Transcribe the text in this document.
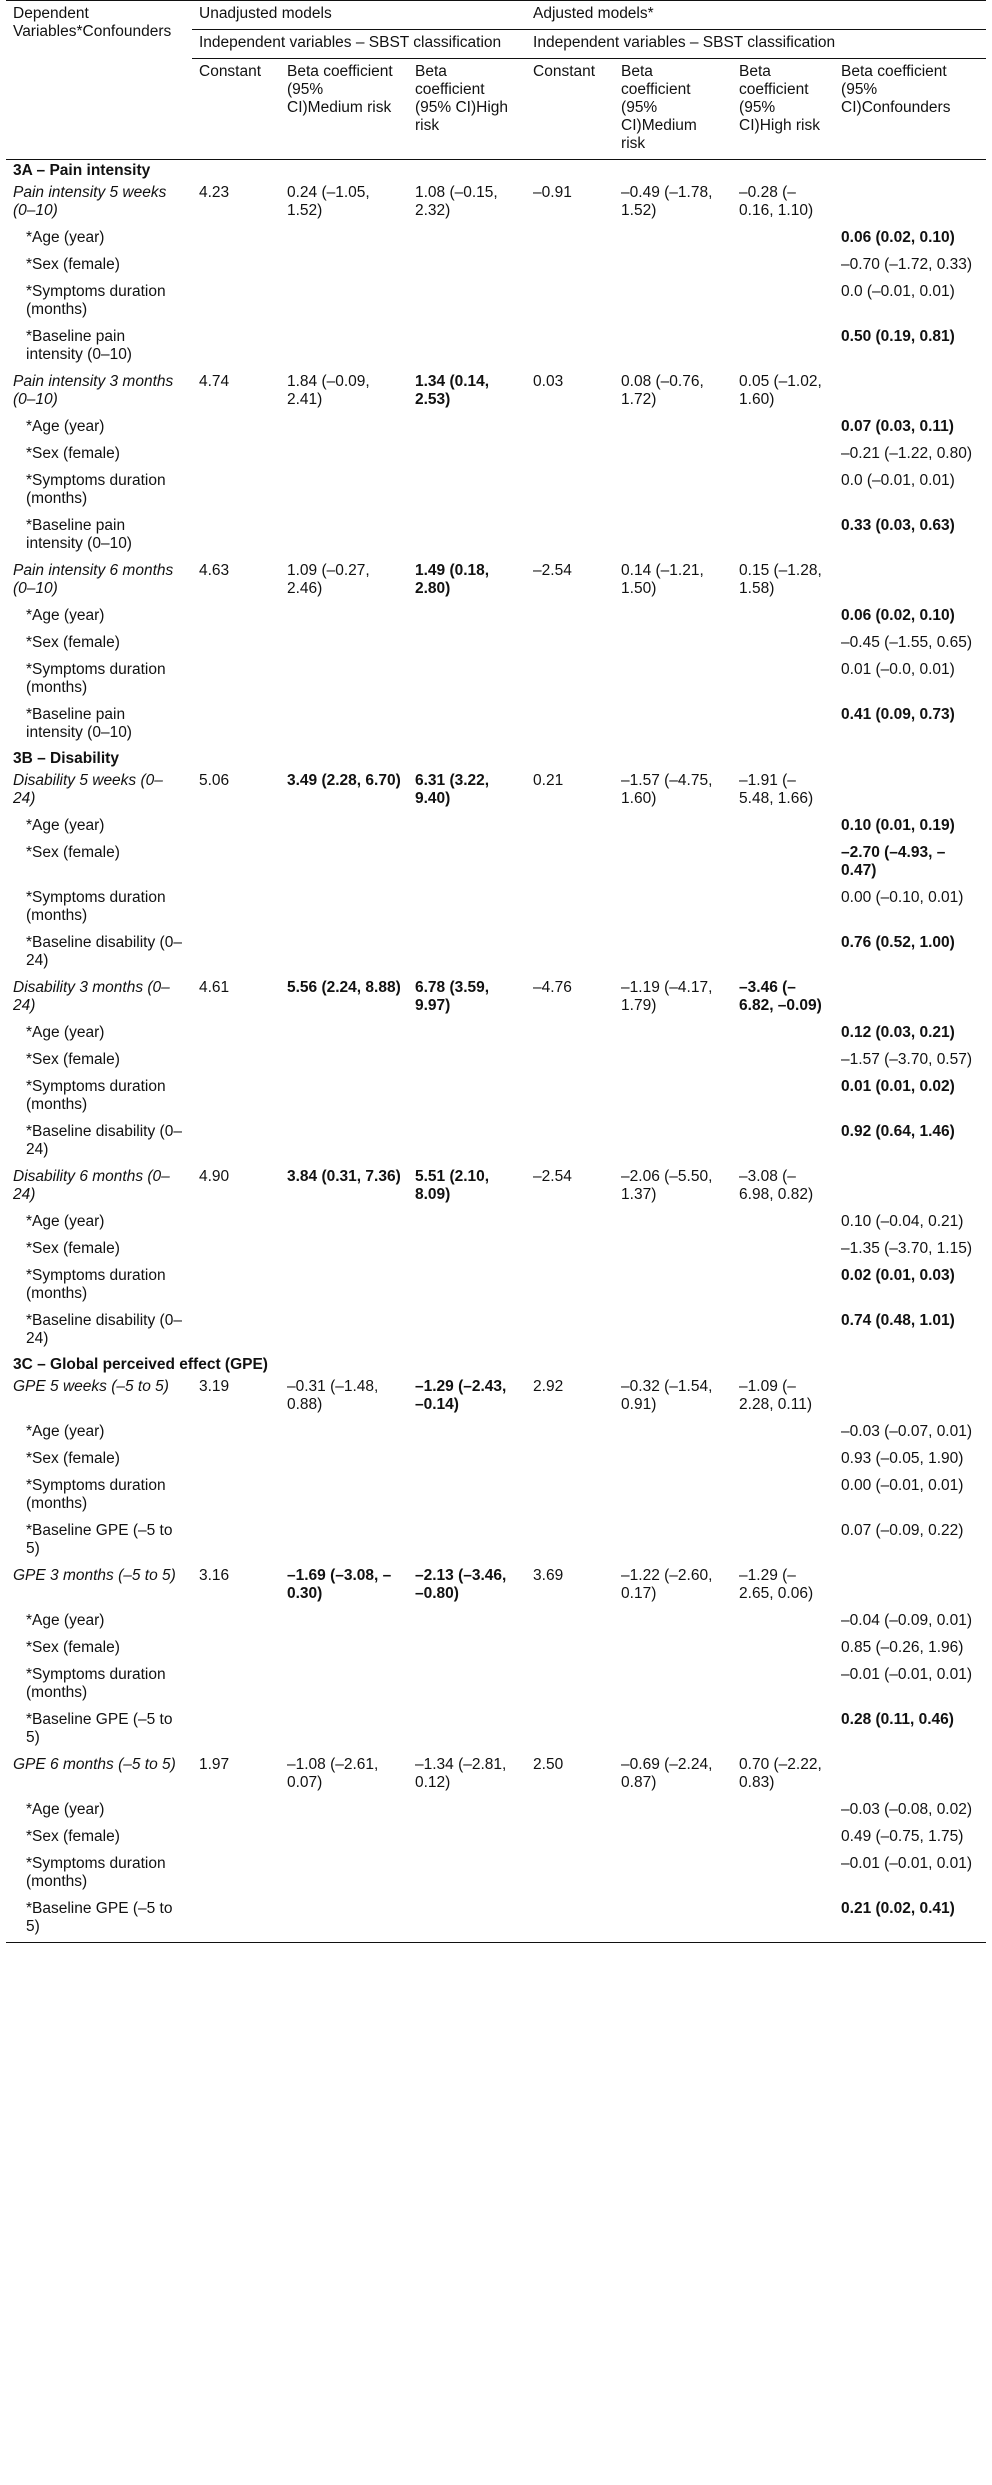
Dependent Variables*Confounders	Unadjusted models			Adjusted models*			
	Independent variables – SBST classification			Independent variables – SBST classification			
	Constant	Beta coefficient (95% CI)Medium risk	Beta coefficient (95% CI)High risk	Constant	Beta coefficient (95% CI)Medium risk	Beta coefficient (95% CI)High risk	Beta coefficient (95% CI)Confounders
3A – Pain intensity							
Pain intensity 5 weeks (0–10)	4.23	0.24 (–1.05, 1.52)	1.08 (–0.15, 2.32)	–0.91	–0.49 (–1.78, 1.52)	–0.28 (–0.16, 1.10)	
*Age (year)							0.06 (0.02, 0.10)
*Sex (female)							–0.70 (–1.72, 0.33)
*Symptoms duration (months)							0.0 (–0.01, 0.01)
*Baseline pain intensity (0–10)							0.50 (0.19, 0.81)
Pain intensity 3 months (0–10)	4.74	1.84 (–0.09, 2.41)	1.34 (0.14, 2.53)	0.03	0.08 (–0.76, 1.72)	0.05 (–1.02, 1.60)	
*Age (year)							0.07 (0.03, 0.11)
*Sex (female)							–0.21 (–1.22, 0.80)
*Symptoms duration (months)							0.0 (–0.01, 0.01)
*Baseline pain intensity (0–10)							0.33 (0.03, 0.63)
Pain intensity 6 months (0–10)	4.63	1.09 (–0.27, 2.46)	1.49 (0.18, 2.80)	–2.54	0.14 (–1.21, 1.50)	0.15 (–1.28, 1.58)	
*Age (year)							0.06 (0.02, 0.10)
*Sex (female)							–0.45 (–1.55, 0.65)
*Symptoms duration (months)							0.01 (–0.0, 0.01)
*Baseline pain intensity (0–10)							0.41 (0.09, 0.73)
3B – Disability							
Disability 5 weeks (0–24)	5.06	3.49 (2.28, 6.70)	6.31 (3.22, 9.40)	0.21	–1.57 (–4.75, 1.60)	–1.91 (–5.48, 1.66)	
*Age (year)							0.10 (0.01, 0.19)
*Sex (female)							–2.70 (–4.93, –0.47)
*Symptoms duration (months)							0.00 (–0.10, 0.01)
*Baseline disability (0–24)							0.76 (0.52, 1.00)
Disability 3 months (0–24)	4.61	5.56 (2.24, 8.88)	6.78 (3.59, 9.97)	–4.76	–1.19 (–4.17, 1.79)	–3.46 (–6.82, –0.09)	
*Age (year)							0.12 (0.03, 0.21)
*Sex (female)							–1.57 (–3.70, 0.57)
*Symptoms duration (months)							0.01 (0.01, 0.02)
*Baseline disability (0–24)							0.92 (0.64, 1.46)
Disability 6 months (0–24)	4.90	3.84 (0.31, 7.36)	5.51 (2.10, 8.09)	–2.54	–2.06 (–5.50, 1.37)	–3.08 (–6.98, 0.82)	
*Age (year)							0.10 (–0.04, 0.21)
*Sex (female)							–1.35 (–3.70, 1.15)
*Symptoms duration (months)							0.02 (0.01, 0.03)
*Baseline disability (0–24)							0.74 (0.48, 1.01)
3C – Global perceived effect (GPE)							
GPE 5 weeks (–5 to 5)	3.19	–0.31 (–1.48, 0.88)	–1.29 (–2.43, –0.14)	2.92	–0.32 (–1.54, 0.91)	–1.09 (–2.28, 0.11)	
*Age (year)							–0.03 (–0.07, 0.01)
*Sex (female)							0.93 (–0.05, 1.90)
*Symptoms duration (months)							0.00 (–0.01, 0.01)
*Baseline GPE (–5 to 5)							0.07 (–0.09, 0.22)
GPE 3 months (–5 to 5)	3.16	–1.69 (–3.08, –0.30)	–2.13 (–3.46, –0.80)	3.69	–1.22 (–2.60, 0.17)	–1.29 (–2.65, 0.06)	
*Age (year)							–0.04 (–0.09, 0.01)
*Sex (female)							0.85 (–0.26, 1.96)
*Symptoms duration (months)							–0.01 (–0.01, 0.01)
*Baseline GPE (–5 to 5)							0.28 (0.11, 0.46)
GPE 6 months (–5 to 5)	1.97	–1.08 (–2.61, 0.07)	–1.34 (–2.81, 0.12)	2.50	–0.69 (–2.24, 0.87)	0.70 (–2.22, 0.83)	
*Age (year)							–0.03 (–0.08, 0.02)
*Sex (female)							0.49 (–0.75, 1.75)
*Symptoms duration (months)							–0.01 (–0.01, 0.01)
*Baseline GPE (–5 to 5)							0.21 (0.02, 0.41)
